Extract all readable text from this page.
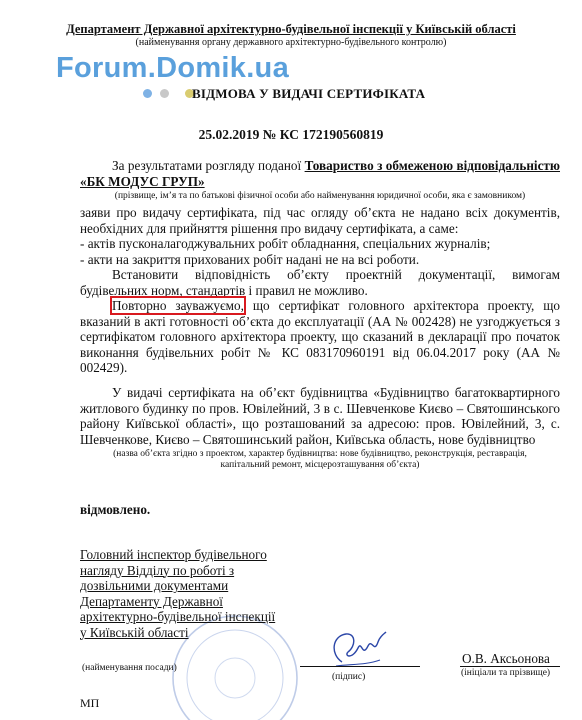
Департамент Державної архітектурно-будівельної інспекції у Київській області
(найменування органу державного архітектурно-будівельного контролю)
Forum.Domik.ua
ВІДМОВА У ВИДАЧІ СЕРТИФІКАТА
25.02.2019 № КС 172190560819

За результатами розгляду поданої Товариство з обмеженою відповідальністю «БК МОДУС ГРУП»

(прізвище, ім’я та по батькові фізичної особи або найменування юридичної особи, яка є замовником)

заяви про видачу сертифіката, під час огляду об’єкта не надано всіх документів, необхідних для прийняття рішення про видачу сертифіката, а саме:

- актів пусконалагоджувальних робіт обладнання, спеціальних журналів;

- акти на закриття прихованих робіт надані не на всі роботи.

Встановити відповідність об’єкту проектній документації, вимогам будівельних норм, стандартів і правил не можливо.

Повторно зауважуємо, що сертифікат головного архітектора проекту, що вказаний в акті готовності об’єкта до експлуатації (АА № 002428) не узгоджується з сертифікатом головного архітектора проекту, що сказаний в декларації про початок виконання будівельних робіт № КС 083170960191 від 06.04.2017 року (АА № 002429).

У видачі сертифіката на об’єкт будівництва «Будівництво багатоквартирного житлового будинку по пров. Ювілейний, 3 в с. Шевченкове Києво – Святошинського району Київської області», що розташований за адресою: пров. Ювілейний, 3, с. Шевченкове, Києво – Святошинський район, Київська область, нове будівництво

(назва об’єкта згідно з проектом, характер будівництва: нове будівництво, реконструкція, реставрація, капітальний ремонт, місцерозташування об’єкта)

відмовлено.
Головний інспектор будівельного нагляду Відділу по роботі з дозвільними документами Департаменту Державної архітектурно-будівельної інспекції у Київській області
(найменування посади)
(підпис)
О.В. Аксьонова
(ініціали та прізвище)
МП
